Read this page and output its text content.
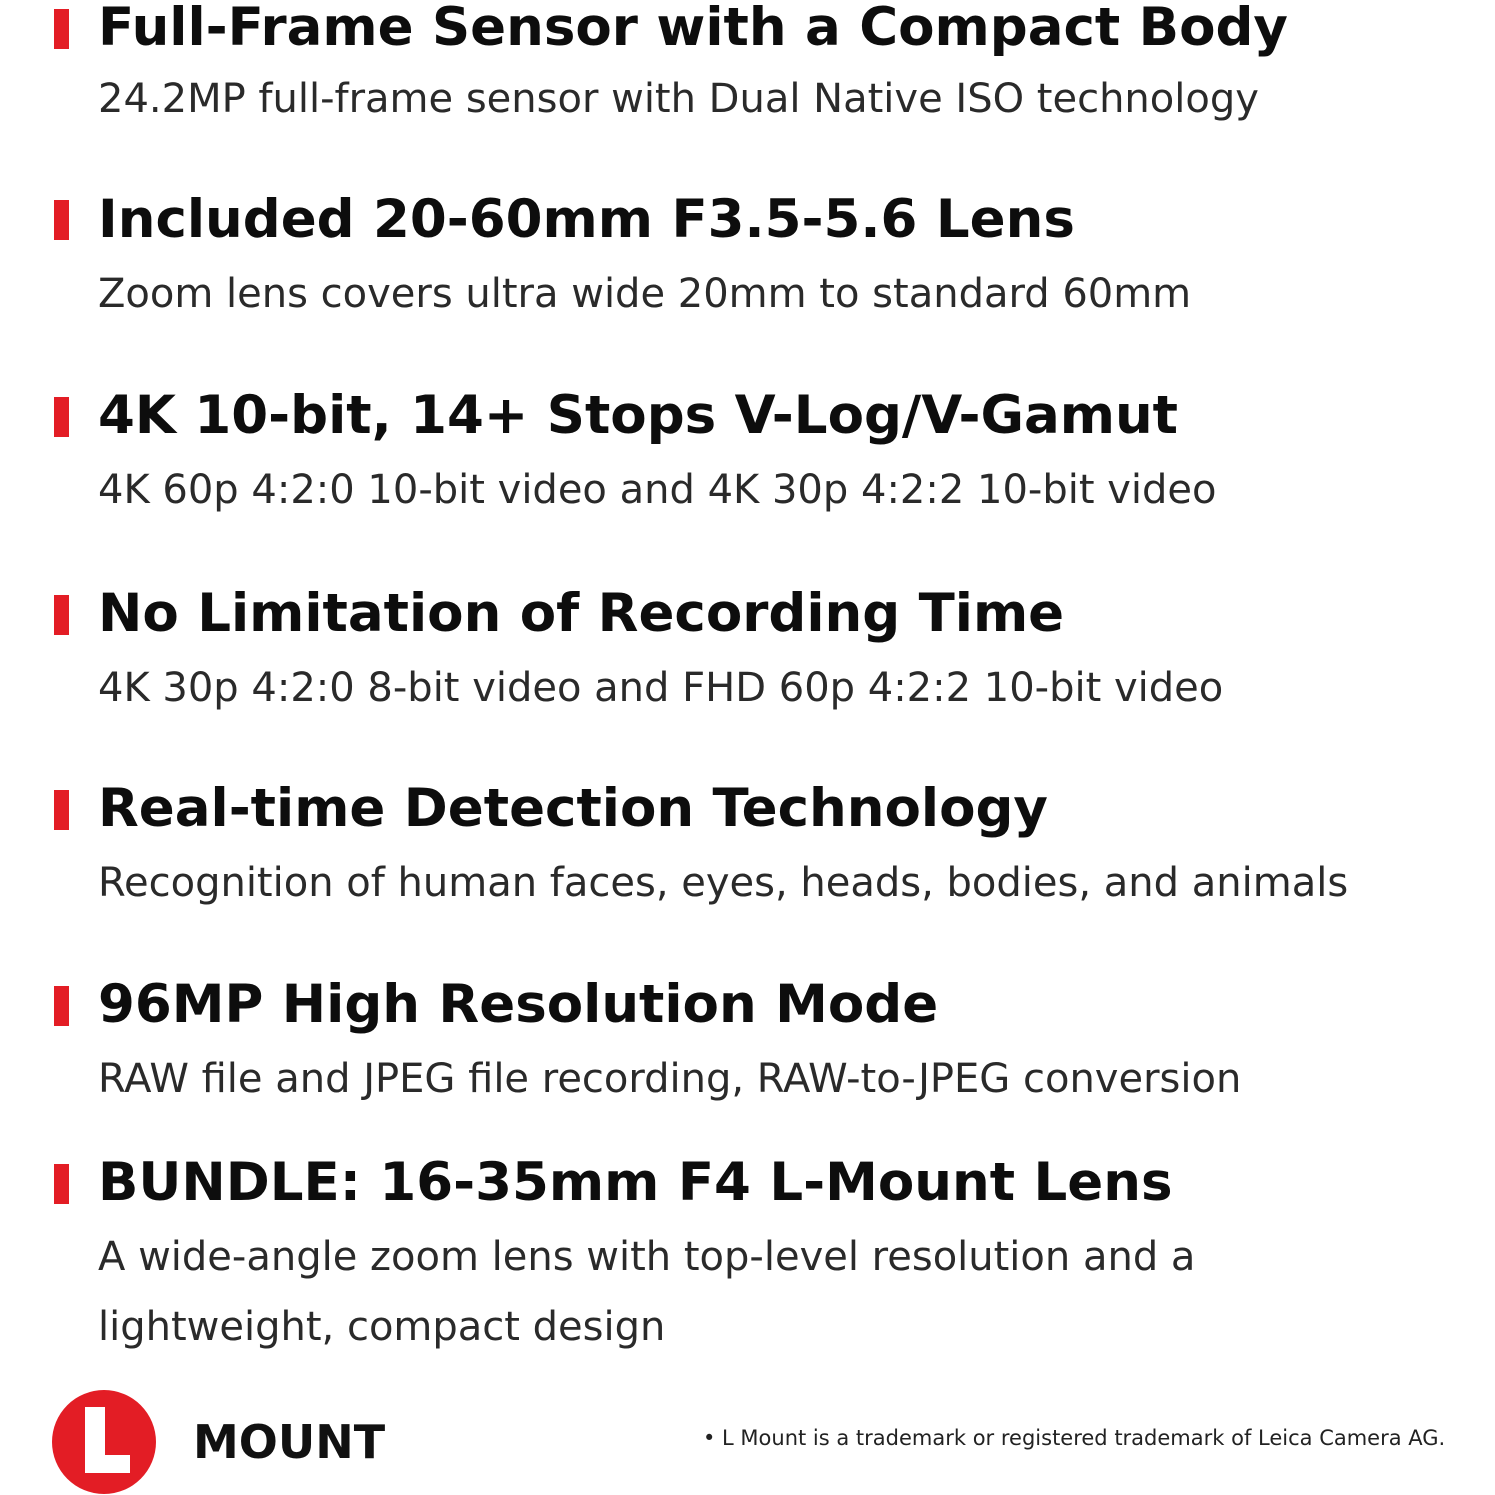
Full-Frame Sensor with a Compact Body

24.2MP full-frame sensor with Dual Native ISO technology

Included 20-60mm F3.5-5.6 Lens

Zoom lens covers ultra wide 20mm to standard 60mm

4K 10-bit, 14+ Stops V-Log/V-Gamut

4K 60p 4:2:0 10-bit video and 4K 30p 4:2:2 10-bit video

No Limitation of Recording Time

4K 30p 4:2:0 8-bit video and FHD 60p 4:2:2 10-bit video

Real-time Detection Technology

Recognition of human faces, eyes, heads, bodies, and animals

96MP High Resolution Mode

RAW file and JPEG file recording, RAW-to-JPEG conversion

BUNDLE: 16-35mm F4 L-Mount Lens

A wide-angle zoom lens with top-level resolution and a lightweight, compact design

MOUNT	• L Mount is a trademark or registered trademark of Leica Camera AG.
